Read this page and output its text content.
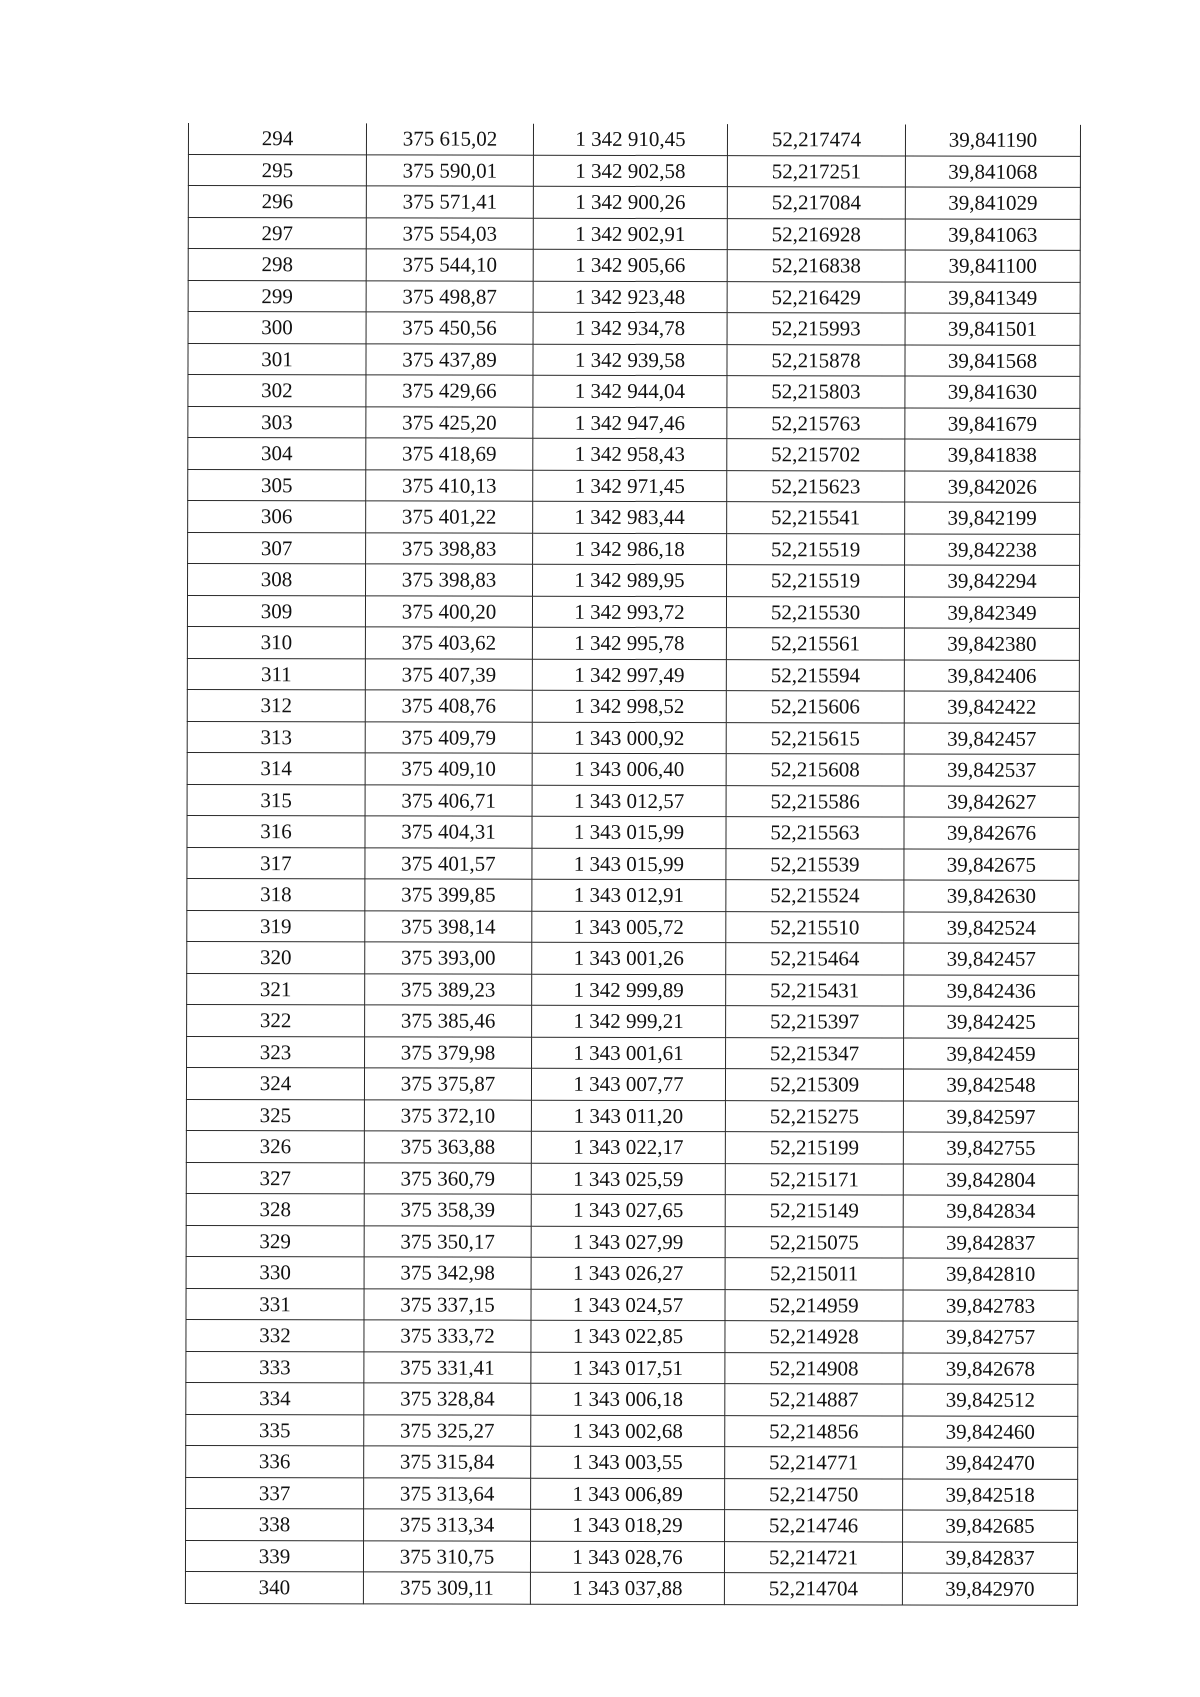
294	375 615,02	1 342 910,45	52,217474	39,841190
295	375 590,01	1 342 902,58	52,217251	39,841068
296	375 571,41	1 342 900,26	52,217084	39,841029
297	375 554,03	1 342 902,91	52,216928	39,841063
298	375 544,10	1 342 905,66	52,216838	39,841100
299	375 498,87	1 342 923,48	52,216429	39,841349
300	375 450,56	1 342 934,78	52,215993	39,841501
301	375 437,89	1 342 939,58	52,215878	39,841568
302	375 429,66	1 342 944,04	52,215803	39,841630
303	375 425,20	1 342 947,46	52,215763	39,841679
304	375 418,69	1 342 958,43	52,215702	39,841838
305	375 410,13	1 342 971,45	52,215623	39,842026
306	375 401,22	1 342 983,44	52,215541	39,842199
307	375 398,83	1 342 986,18	52,215519	39,842238
308	375 398,83	1 342 989,95	52,215519	39,842294
309	375 400,20	1 342 993,72	52,215530	39,842349
310	375 403,62	1 342 995,78	52,215561	39,842380
311	375 407,39	1 342 997,49	52,215594	39,842406
312	375 408,76	1 342 998,52	52,215606	39,842422
313	375 409,79	1 343 000,92	52,215615	39,842457
314	375 409,10	1 343 006,40	52,215608	39,842537
315	375 406,71	1 343 012,57	52,215586	39,842627
316	375 404,31	1 343 015,99	52,215563	39,842676
317	375 401,57	1 343 015,99	52,215539	39,842675
318	375 399,85	1 343 012,91	52,215524	39,842630
319	375 398,14	1 343 005,72	52,215510	39,842524
320	375 393,00	1 343 001,26	52,215464	39,842457
321	375 389,23	1 342 999,89	52,215431	39,842436
322	375 385,46	1 342 999,21	52,215397	39,842425
323	375 379,98	1 343 001,61	52,215347	39,842459
324	375 375,87	1 343 007,77	52,215309	39,842548
325	375 372,10	1 343 011,20	52,215275	39,842597
326	375 363,88	1 343 022,17	52,215199	39,842755
327	375 360,79	1 343 025,59	52,215171	39,842804
328	375 358,39	1 343 027,65	52,215149	39,842834
329	375 350,17	1 343 027,99	52,215075	39,842837
330	375 342,98	1 343 026,27	52,215011	39,842810
331	375 337,15	1 343 024,57	52,214959	39,842783
332	375 333,72	1 343 022,85	52,214928	39,842757
333	375 331,41	1 343 017,51	52,214908	39,842678
334	375 328,84	1 343 006,18	52,214887	39,842512
335	375 325,27	1 343 002,68	52,214856	39,842460
336	375 315,84	1 343 003,55	52,214771	39,842470
337	375 313,64	1 343 006,89	52,214750	39,842518
338	375 313,34	1 343 018,29	52,214746	39,842685
339	375 310,75	1 343 028,76	52,214721	39,842837
340	375 309,11	1 343 037,88	52,214704	39,842970
